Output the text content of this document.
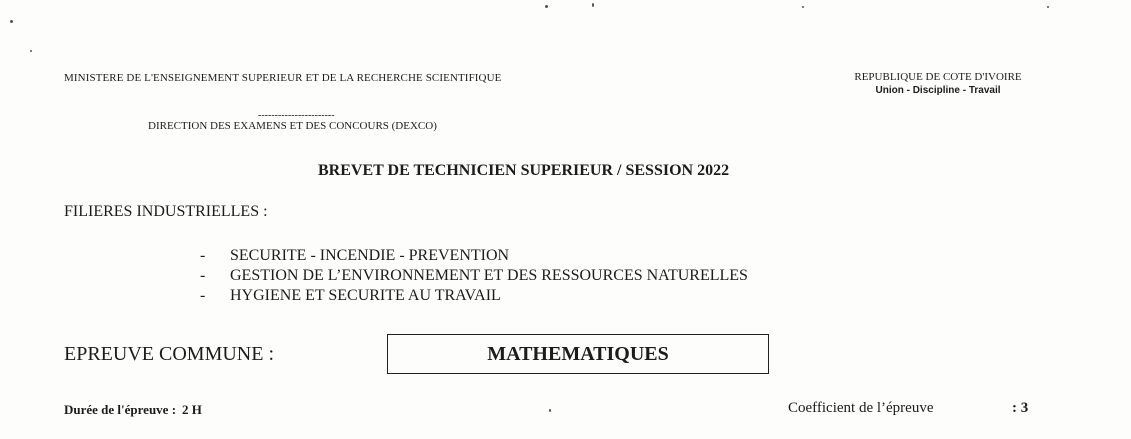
MINISTERE DE L'ENSEIGNEMENT SUPERIEUR ET DE LA RECHERCHE SCIENTIFIQUE	REPUBLIQUE DE COTE D'IVOIRE
Union - Discipline - Travail
-----------------------
DIRECTION DES EXAMENS ET DES CONCOURS (DEXCO)
BREVET DE TECHNICIEN SUPERIEUR / SESSION 2022
FILIERES INDUSTRIELLES :
- SECURITE - INCENDIE - PREVENTION
- GESTION DE L’ENVIRONNEMENT ET DES RESSOURCES NATURELLES
- HYGIENE ET SECURITE AU TRAVAIL
EPREUVE COMMUNE :	MATHEMATIQUES
Durée de l'épreuve : 2 H	Coefficient de l’épreuve	: 3
